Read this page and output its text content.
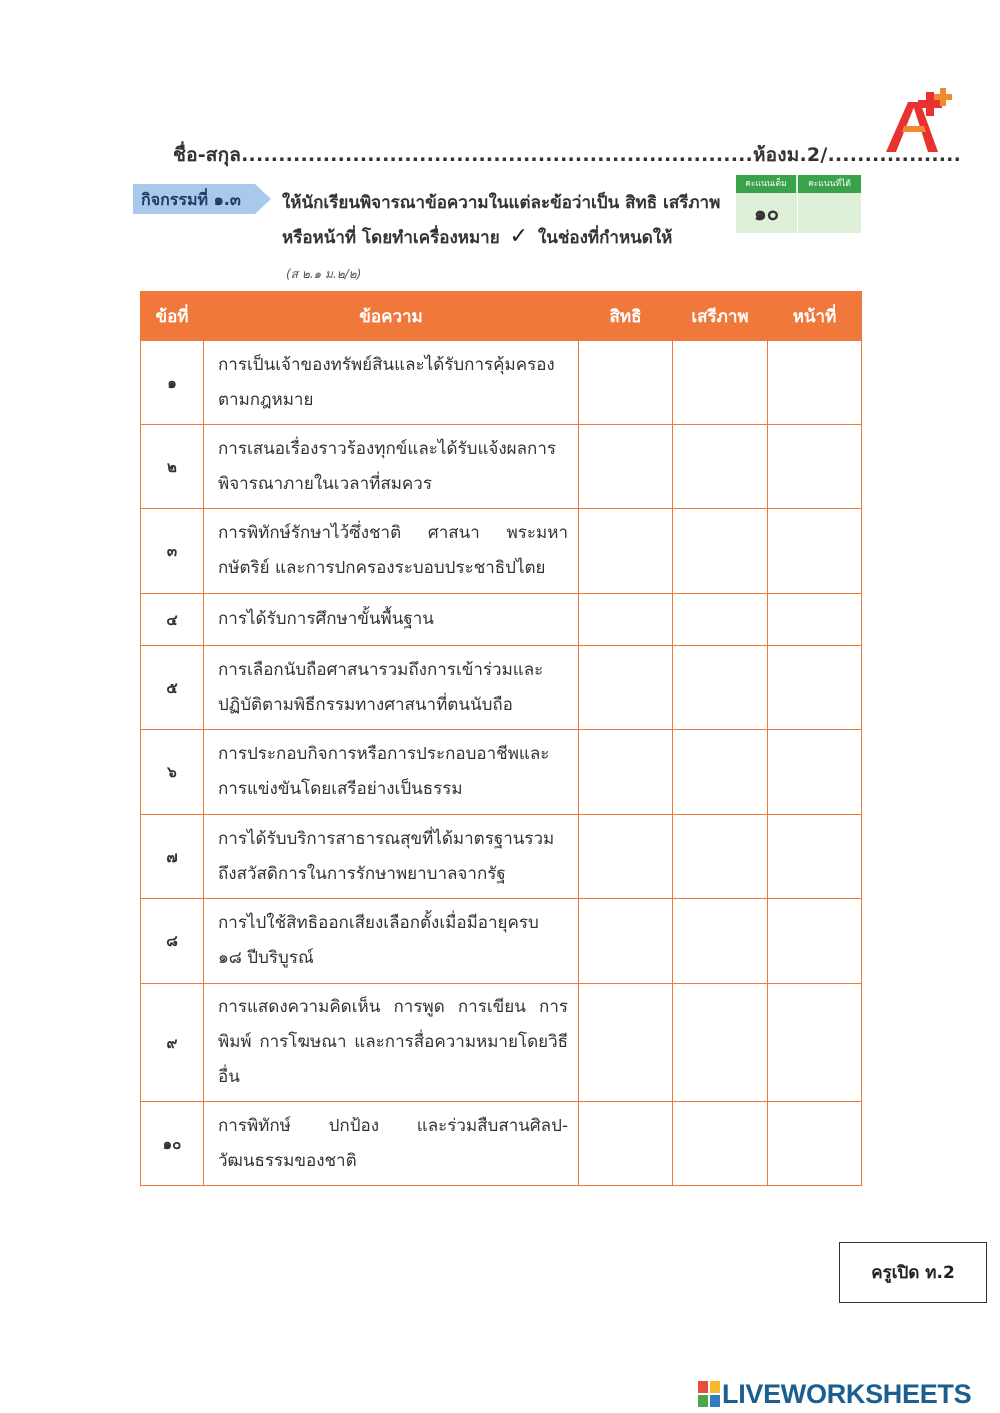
ชื่อ-สกุล.....................................................................ห้องม.2/..................
กิจกรรมที่ ๑.๓ ให้นักเรียนพิจารณาข้อความในแต่ละข้อว่าเป็น สิทธิ เสรีภาพ
หรือหน้าที่ โดยทำเครื่องหมาย ✓ ในช่องที่กำหนดให้
คะแนนเต็ม	คะแนนที่ได้
๑๐
(ส ๒.๑ ม.๒/๒)
ข้อที่	ข้อความ	สิทธิ	เสรีภาพ	หน้าที่
๑	การเป็นเจ้าของทรัพย์สินและได้รับการคุ้มครองตามกฎหมาย			
๒	การเสนอเรื่องราวร้องทุกข์และได้รับแจ้งผลการพิจารณาภายในเวลาที่สมควร			
๓	การพิทักษ์รักษาไว้ซึ่งชาติ ศาสนา พระมหากษัตริย์ และการปกครองระบอบประชาธิปไตย			
๔	การได้รับการศึกษาขั้นพื้นฐาน			
๕	การเลือกนับถือศาสนารวมถึงการเข้าร่วมและปฏิบัติตามพิธีกรรมทางศาสนาที่ตนนับถือ			
๖	การประกอบกิจการหรือการประกอบอาชีพและการแข่งขันโดยเสรีอย่างเป็นธรรม			
๗	การได้รับบริการสาธารณสุขที่ได้มาตรฐานรวมถึงสวัสดิการในการรักษาพยาบาลจากรัฐ			
๘	การไปใช้สิทธิออกเสียงเลือกตั้งเมื่อมีอายุครบ ๑๘ ปีบริบูรณ์			
๙	การแสดงความคิดเห็น การพูด การเขียน การพิมพ์ การโฆษณา และการสื่อความหมายโดยวิธีอื่น			
๑๐	การพิทักษ์ ปกป้อง และร่วมสืบสานศิลป-วัฒนธรรมของชาติ			
ครูเปิด ท.2
LIVEWORKSHEETS
